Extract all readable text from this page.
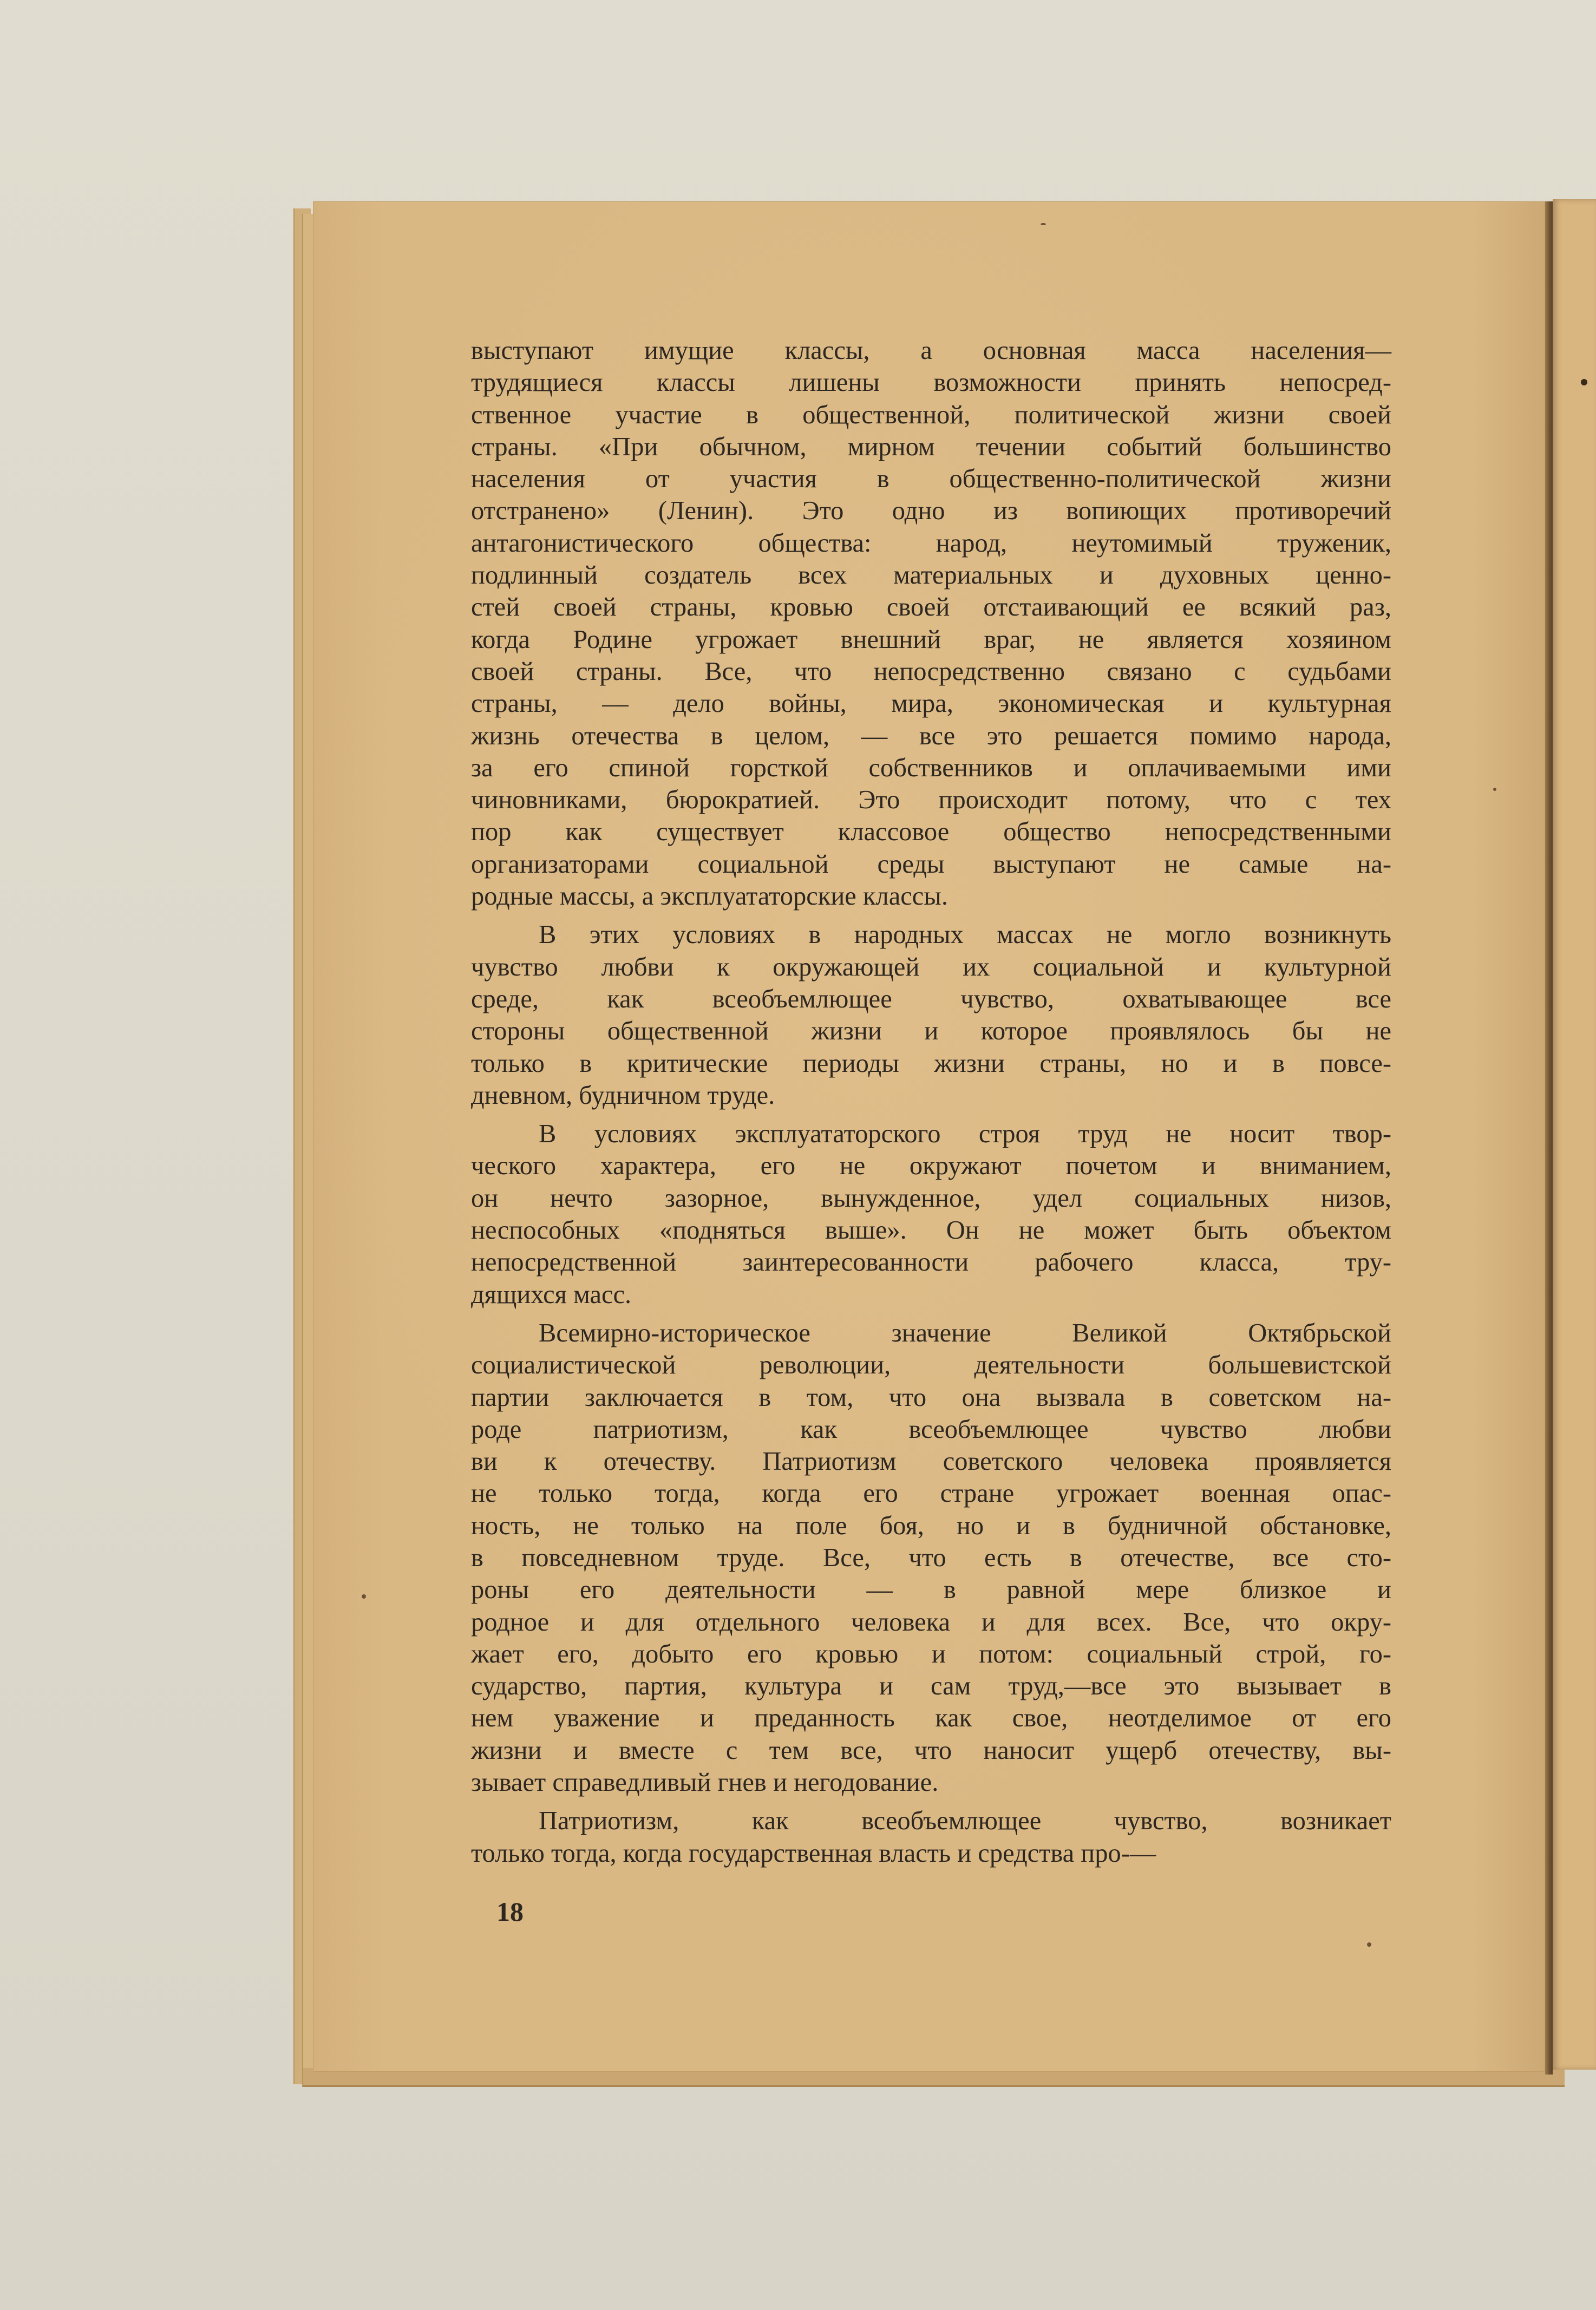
выступают имущие классы, а основная масса населения—
трудящиеся классы лишены возможности принять непосред-
ственное участие в общественной, политической жизни своей
страны. «При обычном, мирном течении событий большинство
населения от участия в общественно-политической жизни
отстранено» (Ленин). Это одно из вопиющих противоречий
антагонистического общества: народ, неутомимый труженик,
подлинный создатель всех материальных и духовных ценно-
стей своей страны, кровью своей отстаивающий ее всякий раз,
когда Родине угрожает внешний враг, не является хозяином
своей страны. Все, что непосредственно связано с судьбами
страны, — дело войны, мира, экономическая и культурная
жизнь отечества в целом, — все это решается помимо народа,
за его спиной горсткой собственников и оплачиваемыми ими
чиновниками, бюрократией. Это происходит потому, что с тех
пор как существует классовое общество непосредственными
организаторами социальной среды выступают не самые на-
родные массы, а эксплуататорские классы.
В этих условиях в народных массах не могло возникнуть
чувство любви к окружающей их социальной и культурной
среде, как всеобъемлющее чувство, охватывающее все
стороны общественной жизни и которое проявлялось бы не
только в критические периоды жизни страны, но и в повсе-
дневном, будничном труде.
В условиях эксплуататорского строя труд не носит твор-
ческого характера, его не окружают почетом и вниманием,
он нечто зазорное, вынужденное, удел социальных низов,
неспособных «подняться выше». Он не может быть объектом
непосредственной заинтересованности рабочего класса, тру-
дящихся масс.
Всемирно-историческое значение Великой Октябрьской
социалистической революции, деятельности большевистской
партии заключается в том, что она вызвала в советском на-
роде патриотизм, как всеобъемлющее чувство любви
ви к отечеству. Патриотизм советского человека проявляется
не только тогда, когда его стране угрожает военная опас-
ность, не только на поле боя, но и в будничной обстановке,
в повседневном труде. Все, что есть в отечестве, все сто-
роны его деятельности — в равной мере близкое и
родное и для отдельного человека и для всех. Все, что окру-
жает его, добыто его кровью и потом: социальный строй, го-
сударство, партия, культура и сам труд,—все это вызывает в
нем уважение и преданность как свое, неотделимое от его
жизни и вместе с тем все, что наносит ущерб отечеству, вы-
зывает справедливый гнев и негодование.
Патриотизм, как всеобъемлющее чувство, возникает
только тогда, когда государственная власть и средства про-—
18
